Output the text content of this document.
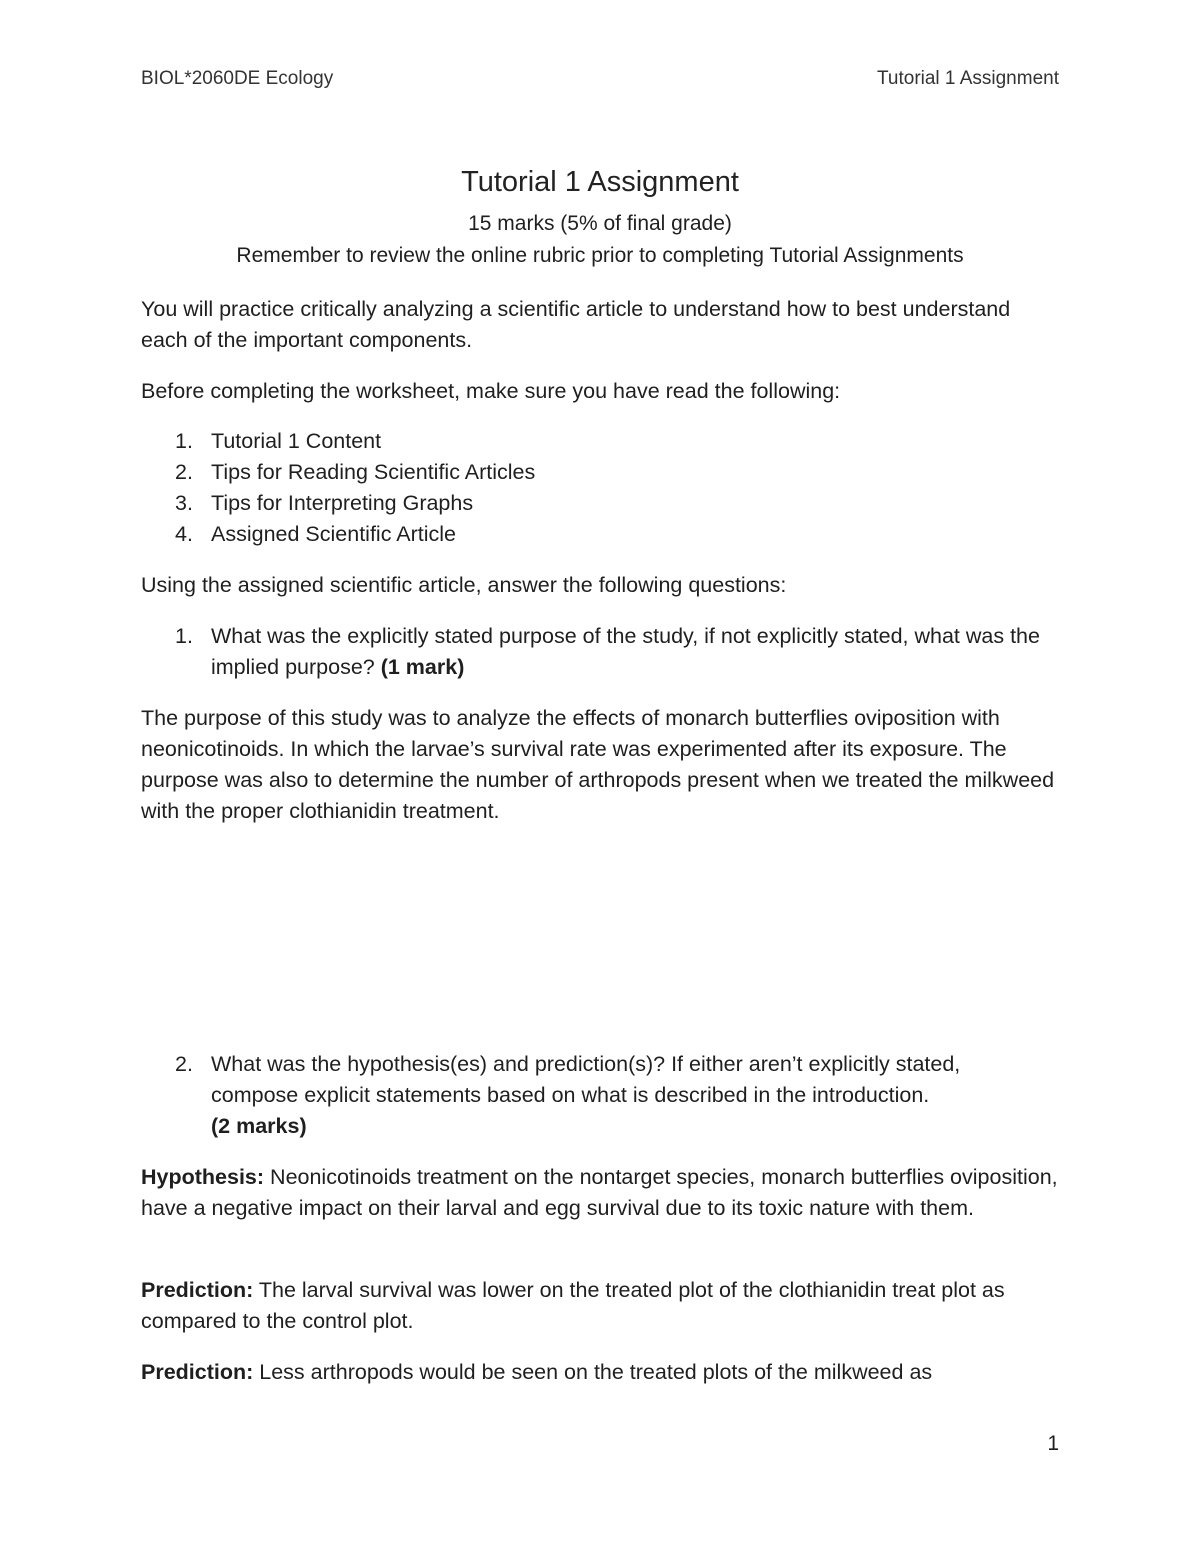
BIOL*2060DE Ecology	Tutorial 1 Assignment
Tutorial 1 Assignment
15 marks (5% of final grade)
Remember to review the online rubric prior to completing Tutorial Assignments

You will practice critically analyzing a scientific article to understand how to best understand each of the important components.

Before completing the worksheet, make sure you have read the following:

1. Tutorial 1 Content
2. Tips for Reading Scientific Articles
3. Tips for Interpreting Graphs
4. Assigned Scientific Article

Using the assigned scientific article, answer the following questions:

1. What was the explicitly stated purpose of the study, if not explicitly stated, what was the implied purpose? (1 mark)

The purpose of this study was to analyze the effects of monarch butterflies oviposition with neonicotinoids. In which the larvae’s survival rate was experimented after its exposure. The purpose was also to determine the number of arthropods present when we treated the milkweed with the proper clothianidin treatment.

2. What was the hypothesis(es) and prediction(s)? If either aren’t explicitly stated, compose explicit statements based on what is described in the introduction.
(2 marks)

Hypothesis: Neonicotinoids treatment on the nontarget species, monarch butterflies oviposition, have a negative impact on their larval and egg survival due to its toxic nature with them.

Prediction: The larval survival was lower on the treated plot of the clothianidin treat plot as compared to the control plot.

Prediction: Less arthropods would be seen on the treated plots of the milkweed as

1
